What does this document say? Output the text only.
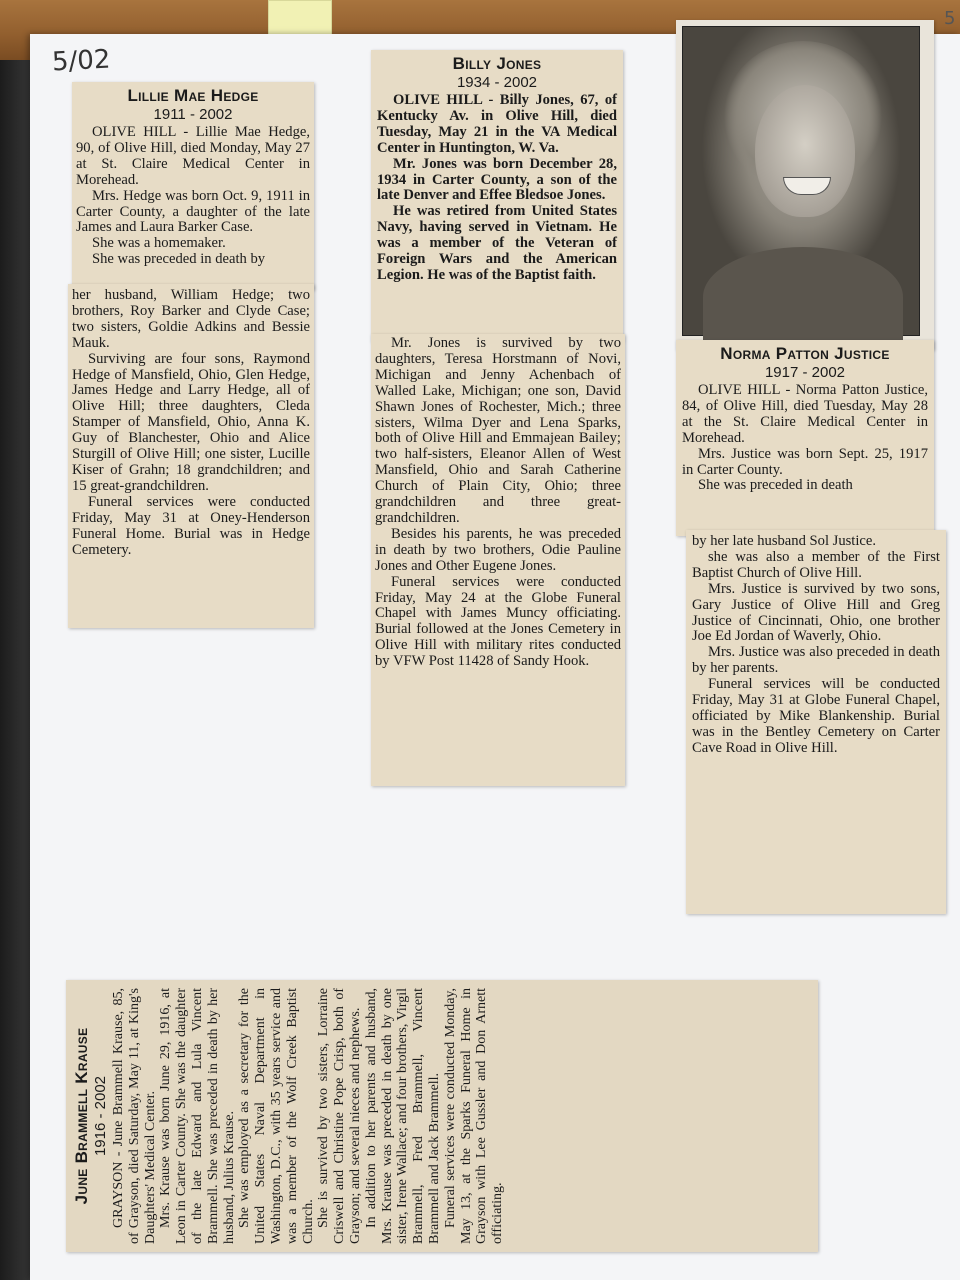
5/02
5
Lillie Mae Hedge
1911 - 2002

OLIVE HILL - Lillie Mae Hedge, 90, of Olive Hill, died Monday, May 27 at St. Claire Medical Center in Morehead.

Mrs. Hedge was born Oct. 9, 1911 in Carter County, a daughter of the late James and Laura Barker Case.

She was a homemaker.

She was preceded in death by

her husband, William Hedge; two brothers, Roy Barker and Clyde Case; two sisters, Goldie Adkins and Bessie Mauk.

Surviving are four sons, Raymond Hedge of Mansfield, Ohio, Glen Hedge, James Hedge and Larry Hedge, all of Olive Hill; three daughters, Cleda Stamper of Mansfield, Ohio, Anna K. Guy of Blanchester, Ohio and Alice Sturgill of Olive Hill; one sister, Lucille Kiser of Grahn; 18 grandchildren; and 15 great-grandchildren.

Funeral services were conducted Friday, May 31 at Oney-Henderson Funeral Home. Burial was in Hedge Cemetery.

Billy Jones
1934 - 2002

OLIVE HILL - Billy Jones, 67, of Kentucky Av. in Olive Hill, died Tuesday, May 21 in the VA Medical Center in Huntington, W. Va.

Mr. Jones was born December 28, 1934 in Carter County, a son of the late Denver and Effee Bledsoe Jones.

He was retired from United States Navy, having served in Vietnam. He was a member of the Veteran of Foreign Wars and the American Legion. He was of the Baptist faith.

Mr. Jones is survived by two daughters, Teresa Horstmann of Novi, Michigan and Jenny Achenbach of Walled Lake, Michigan; one son, David Shawn Jones of Rochester, Mich.; three sisters, Wilma Dyer and Lena Sparks, both of Olive Hill and Emmajean Bailey; two half-sisters, Eleanor Allen of West Mansfield, Ohio and Sarah Catherine Church of Plain City, Ohio; three grandchildren and three great-grandchildren.

Besides his parents, he was preceded in death by two brothers, Odie Pauline Jones and Other Eugene Jones.

Funeral services were conducted Friday, May 24 at the Globe Funeral Chapel with James Muncy officiating. Burial followed at the Jones Cemetery in Olive Hill with military rites conducted by VFW Post 11428 of Sandy Hook.

Norma Patton Justice
1917 - 2002

OLIVE HILL - Norma Patton Justice, 84, of Olive Hill, died Tuesday, May 28 at the St. Claire Medical Center in Morehead.

Mrs. Justice was born Sept. 25, 1917 in Carter County.

She was preceded in death

by her late husband Sol Justice.

she was also a member of the First Baptist Church of Olive Hill.

Mrs. Justice is survived by two sons, Gary Justice of Olive Hill and Greg Justice of Cincinnati, Ohio, one brother Joe Ed Jordan of Waverly, Ohio.

Mrs. Justice was also preceded in death by her parents.

Funeral services will be conducted Friday, May 31 at Globe Funeral Chapel, officiated by Mike Blankenship. Burial was in the Bentley Cemetery on Carter Cave Road in Olive Hill.

June Brammell Krause 1916 - 2002 GRAYSON - June Brammell Krause, 85, of Grayson, died Saturday, May 11, at King's Daughters' Medical Center. Mrs. Krause was born June 29, 1916, at Leon in Carter County. She was the daughter of the late Edward and Lula Vincent Brammell. She was preceded in death by her husband, Julius Krause. She was employed as a secretary for the United States Naval Department in Washington, D.C., with 35 years service and was a member of the Wolf Creek Baptist Church. She is survived by two sisters, Lorraine Criswell and Christine Pope Crisp, both of Grayson; and several nieces and nephews. In addition to her parents and husband, Mrs. Krause was preceded in death by one sister, Irene Wallace; and four brothers, Virgil Brammell, Fred Brammell, Vincent Brammell and Jack Brammell. Funeral services were conducted Monday, May 13, at the Sparks Funeral Home in Grayson with Lee Gussler and Don Arnett officiating.
